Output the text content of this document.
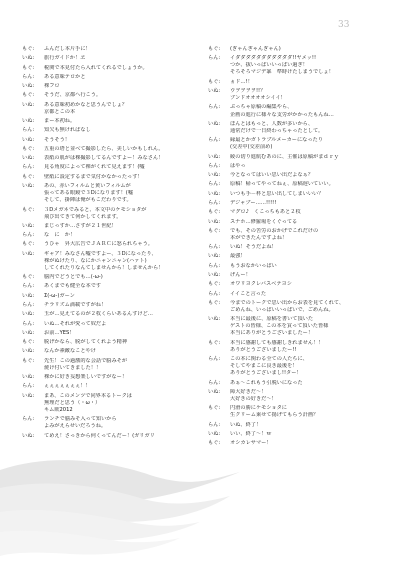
33
もぐ:	ふんだし本片手に！
いぬ:	旅行ガイドか！ヱ
もぐ:	税関で本見付たら入れてくれるでしょうか。
らん:	ある意味テロかと
いぬ:	裸フロ
もぐ:	そうだ、京都へ行こう。
いぬ:	ある意味初めかなと思うんでしょ？
京都とこの本
いぬ:	まー本初ね。
らん:	知欠も無ければなし
いぬ:	そうそう！
もぐ:	五重の塔と並べて撮影したら、美しいかもしれん。
いぬ:	表紙の肌がは裸撮影してるんですよー！みなさん！
らん:	見る角度によって裸がくれて見えます！(嘘
もぐ:	壁紙に設定するまで気付かなかったっす！
いぬ:	あの、赤いフィルムと黄いフィルムが
張ってある眼鏡で３Dになります！(嘘
そして、掛陣は俺がもこだわりです。
もぐ:	３Dメガネでみると、本文中のケモショタが
飛び出てきて何かしてくれます。
いぬ:	まじっすか…さすが２１世紀！
らん:	な　に　か！
もぐ:	うひゃ　昇大広告でＪＡＲＣに怒られちゃう。
いぬ:	ギャア！みなさん嘘ですよー、３Dになったり、
裸がぬけたり、なにかニャンニャン(ハァト)
してくれたりなんてしませんから！しませんから！
もぐ:	脳内でどうとでも…(-ω-)
らん:	あくまでも健全な本です
いぬ:	Σ(-ω-)ガーン
らん:	チラリズム満載ですがね！
いぬ:	玉が…見えてるのが２枚くらいあるんすけど…
らん:	いぬ…それが愛って奴だよ
いぬ:	お前…YES！
もぐ:	脱げかなら、脱がしてくれよう精神
いぬ:	なんか素敵なことやけ
もぐ:	先生！この過激的な会話で脳みそが
焼け付いてきました！！
いぬ:	裸かに好き妄想楽しいですがなー！
らん:	ぇぇぇぇぇぇぇ！！
いぬ:	まあ、このメンツで同界本るトークは
無理だと思う（・ω・）
キム欧2012
らん:	ランチで脳みそ入って知いから
よみがえらせいだろうね。
いぬ:	てめえ！さっきから何くってんだー！(ガリガリ
もぐ:	(ぎゃんぎゃんぎゃん)
らん:	イダダダダダダダダダダダ!!ヤメッ!!
つか、抜いっぱいいっぱい過ぎ！
そろそろマジデ暴　準時けたしまうでしょ！
もぐ:	ヵド…!！
いぬ:	ウヲヲヲヲ!!？
ブンドオオオオシイイ！
らん:	ぷっちゃ原稿の編集やら、
企画の進行に様々な支労がかかったもんね…
いぬ:	ほんとはもっと、人数が多いから、
通常だけで一日終わっちゃったとして。
らん:	縁最とかガトラブルメーカーになったり
(交差中(交差前め)
いぬ:	綾の切り進航むあのに、主催は原稿がまｄｒｙ
らん:	はやっ
いぬ:	今となってはいい思い出だよなぁ？
らん:	原稿！帰ってやってねぇ、原稿遅いていい。
いぬ:	いつも手－杯と思い出してしまいいい？
らん:	デジャブー……!!!!!
もぐ:	マグロ♪　くこっちもあと２枚
いぬ:	スナホ…修羅場をくぐってる
もぐ:	でも、その苦労のおかげでこれだけの
本ができたんですよね！
らん:	いぬ！そうだよね！
いぬ:	最強！
らん:	もうおなかいっぱい
いぬ:	げんー！
もぐ:	オワリヨクレバスベテヨシ
らん:	イイこと言った
もぐ:	今までのトークで思い出からお表を見てくれて、
ごめんね、いっぱいいっぱいで、ごめんね。
いぬ:	本当に最後に、原稿を書いて頂いた
ゲストの皆様、この本を買って頂いた皆様
本当にありがとうございましたー！
もぐ:	本当に感謝しても感謝しきれません！！
ありがとうございましたー!!
らん:	この本に関わる全ての人たちに、
そしてやまこに良き最後を！
ありがとうございまし!!ター！
らん:	あぁ～これもう引脱いになった
いぬ:	障大好きだ～！
大好きの好きだ～！
もぐ:	円滑の勝にケモショタに
生クリーム乗せて揚げてもらう計画？
らん:	いぬ、終了！
いぬ:	いい、終了～！ｗ
もぐ:	オシカレサマー！
